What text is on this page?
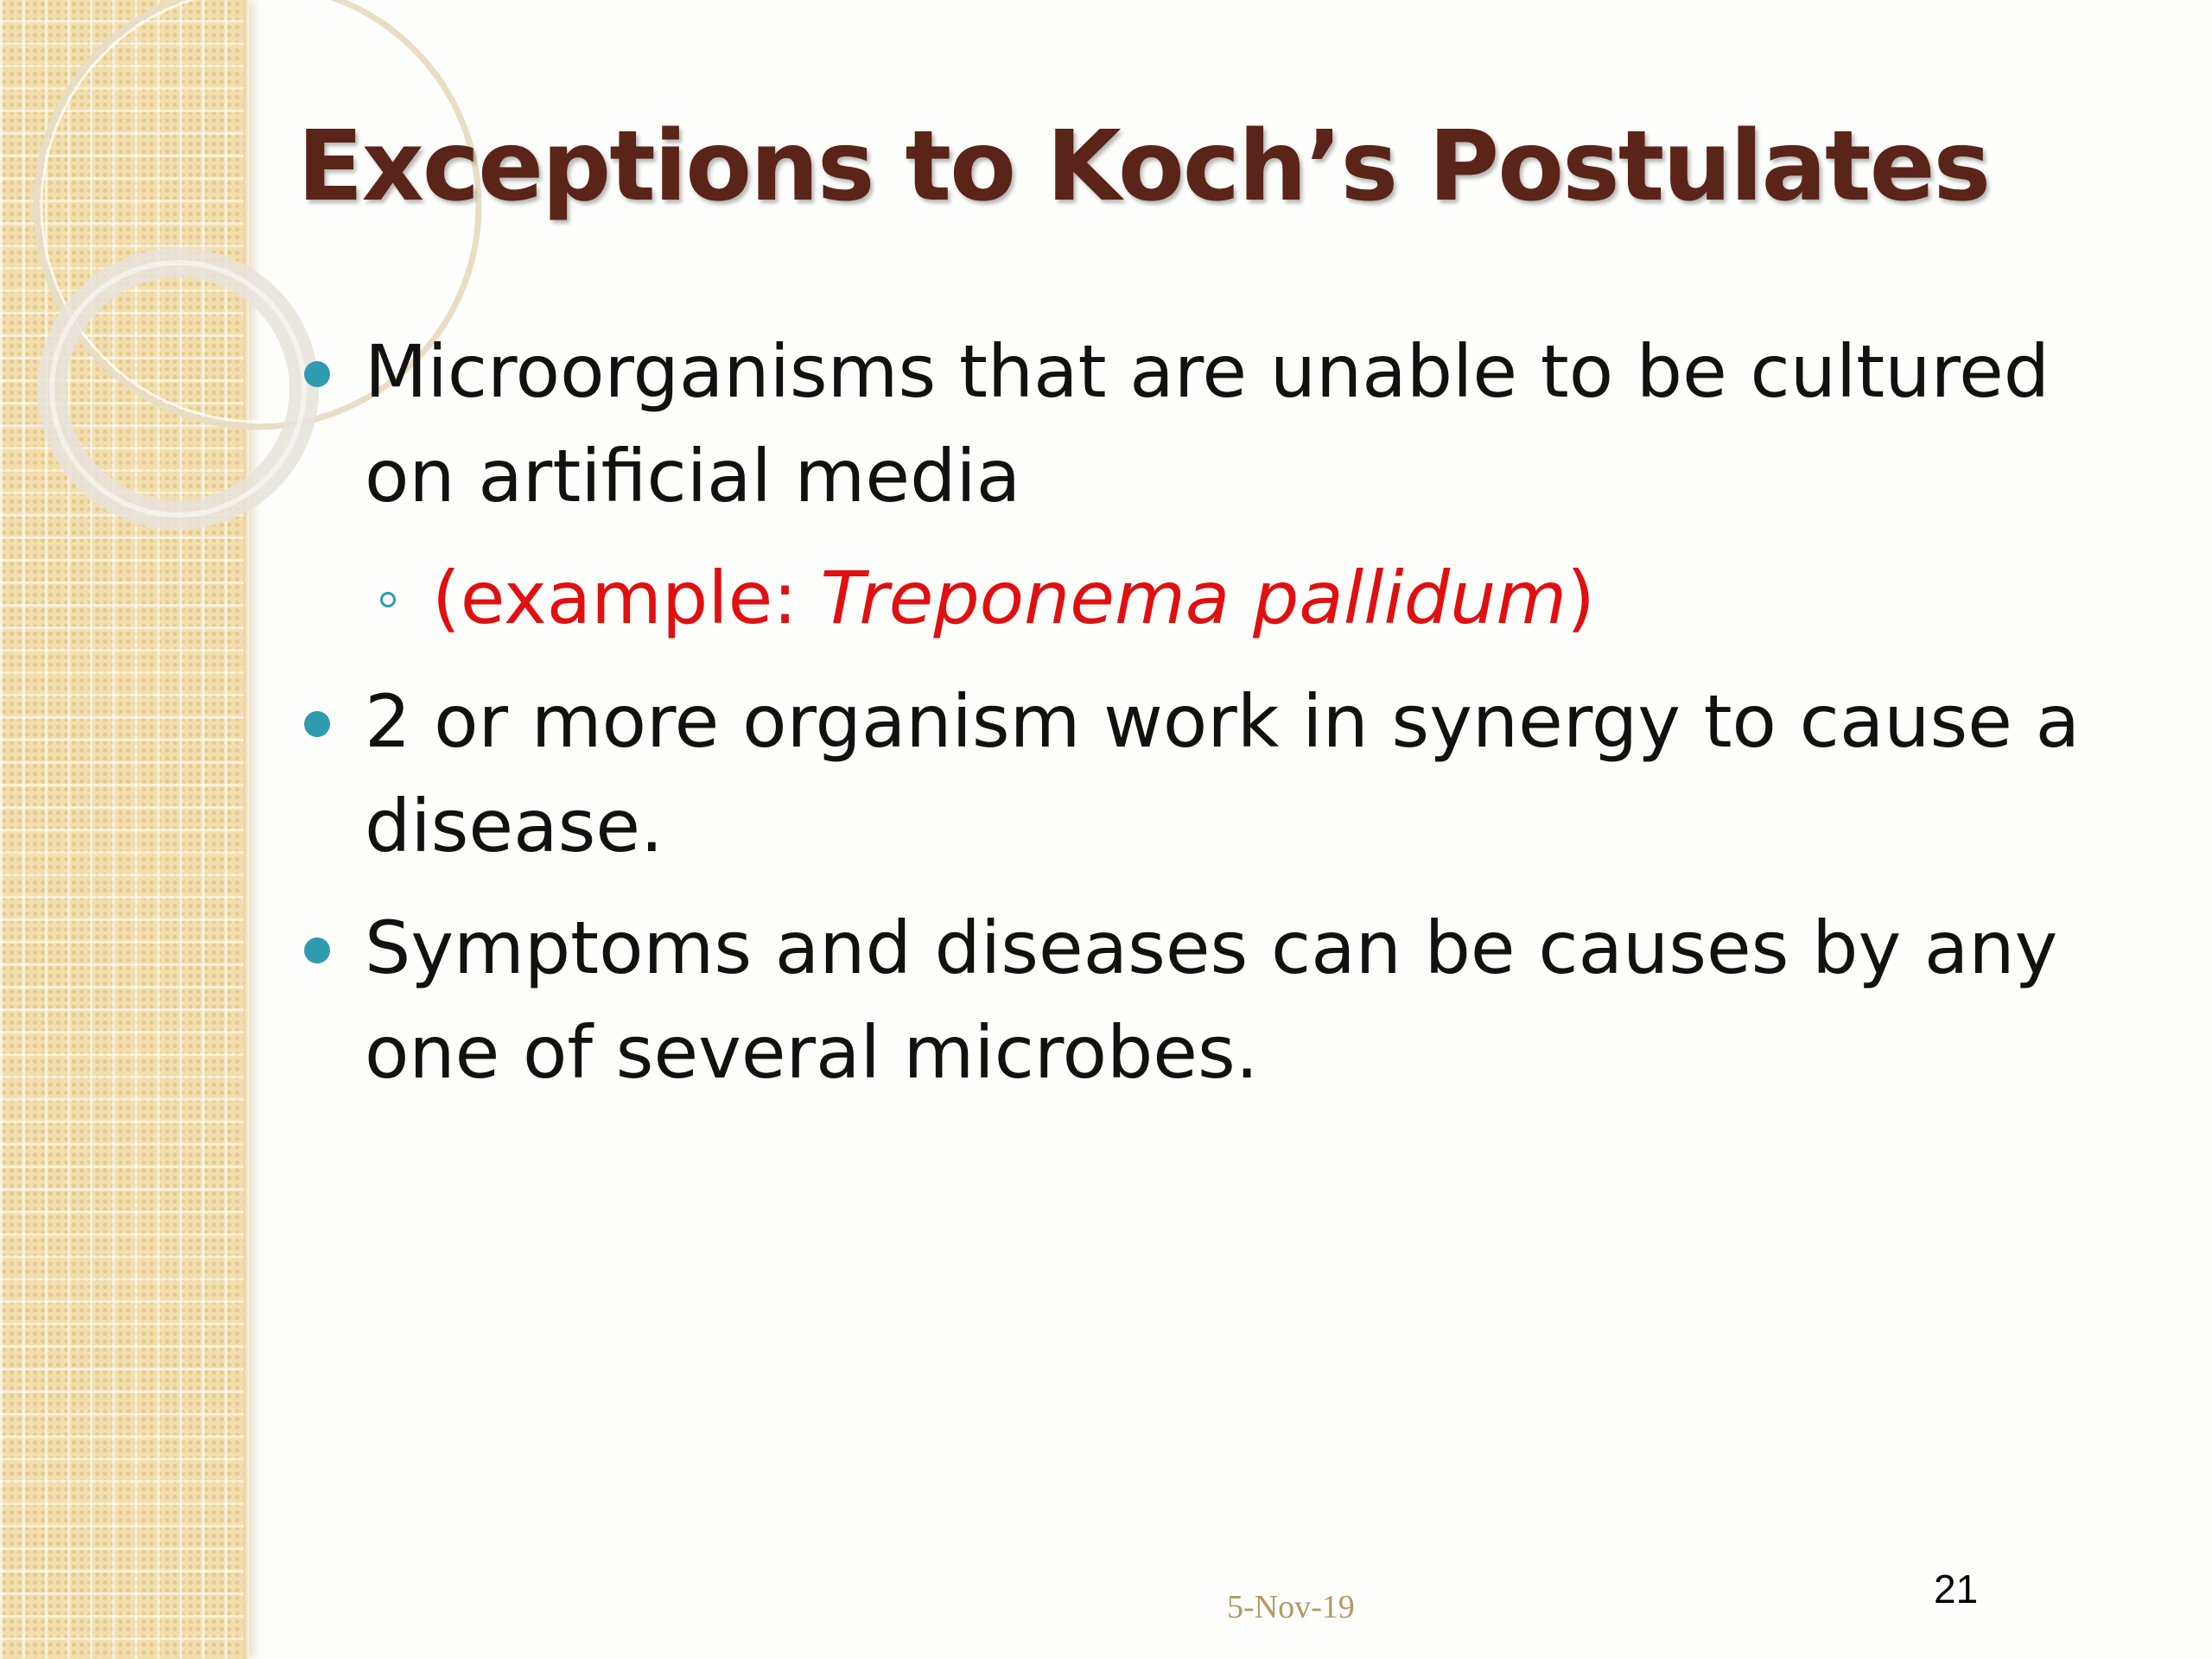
Exceptions to Koch’s Postulates
Microorganisms that are unable to be cultured on artificial media
(example: Treponema pallidum)
2 or more organism work in synergy to cause a disease.
Symptoms and diseases can be causes by any one of several microbes.
5-Nov-19	21
